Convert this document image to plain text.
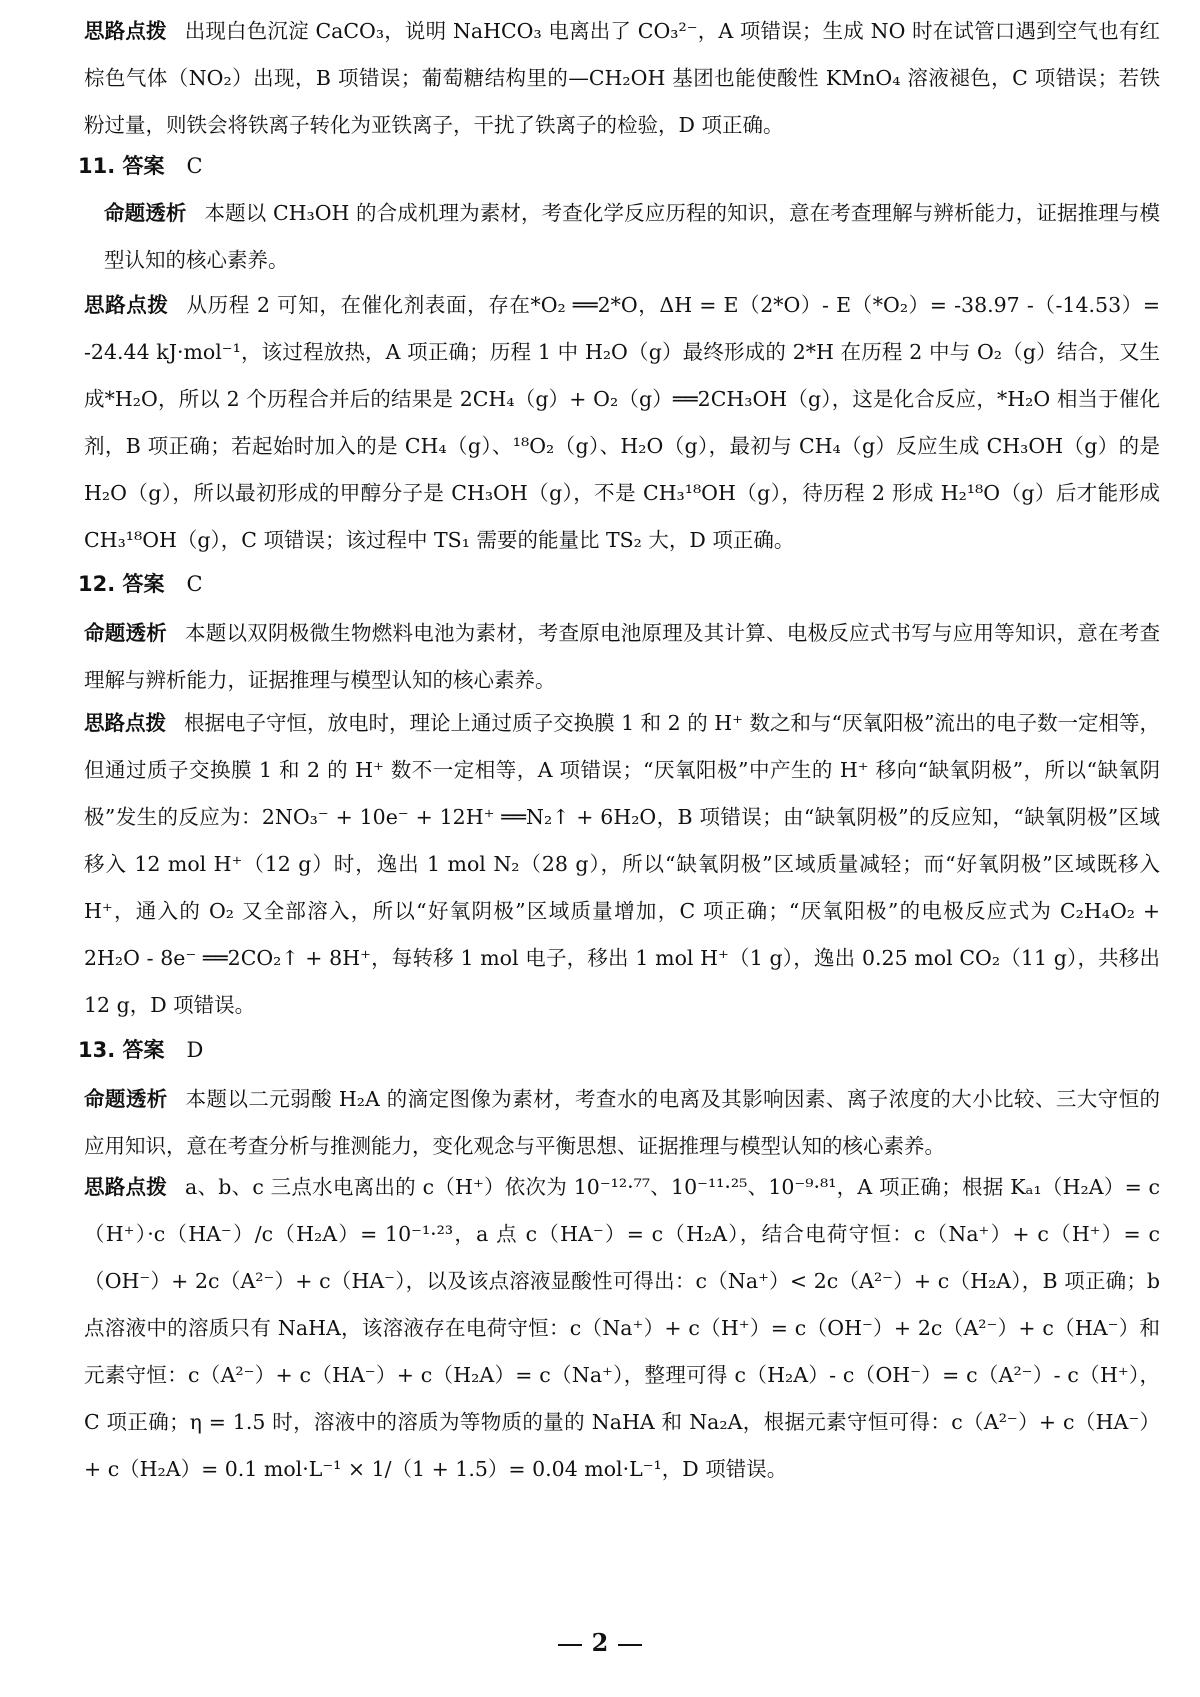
思路点拨 出现白色沉淀 CaCO₃，说明 NaHCO₃ 电离出了 CO₃²⁻，A 项错误；生成 NO 时在试管口遇到空气也有红棕色气体（NO₂）出现，B 项错误；葡萄糖结构里的—CH₂OH 基团也能使酸性 KMnO₄ 溶液褪色，C 项错误；若铁粉过量，则铁会将铁离子转化为亚铁离子，干扰了铁离子的检验，D 项正确。
11. 答案 C
命题透析 本题以 CH₃OH 的合成机理为素材，考查化学反应历程的知识，意在考查理解与辨析能力，证据推理与模型认知的核心素养。
思路点拨 从历程 2 可知，在催化剂表面，存在*O₂ ══2*O，ΔH = E（2*O）- E（*O₂）= -38.97 -（-14.53）= -24.44 kJ·mol⁻¹，该过程放热，A 项正确；历程 1 中 H₂O（g）最终形成的 2*H 在历程 2 中与 O₂（g）结合，又生成*H₂O，所以 2 个历程合并后的结果是 2CH₄（g）+ O₂（g）══2CH₃OH（g），这是化合反应，*H₂O 相当于催化剂，B 项正确；若起始时加入的是 CH₄（g）、¹⁸O₂（g）、H₂O（g），最初与 CH₄（g）反应生成 CH₃OH（g）的是 H₂O（g），所以最初形成的甲醇分子是 CH₃OH（g），不是 CH₃¹⁸OH（g），待历程 2 形成 H₂¹⁸O（g）后才能形成 CH₃¹⁸OH（g），C 项错误；该过程中 TS₁ 需要的能量比 TS₂ 大，D 项正确。
12. 答案 C
命题透析 本题以双阴极微生物燃料电池为素材，考查原电池原理及其计算、电极反应式书写与应用等知识，意在考查理解与辨析能力，证据推理与模型认知的核心素养。
思路点拨 根据电子守恒，放电时，理论上通过质子交换膜 1 和 2 的 H⁺ 数之和与“厌氧阳极”流出的电子数一定相等，但通过质子交换膜 1 和 2 的 H⁺ 数不一定相等，A 项错误；“厌氧阳极”中产生的 H⁺ 移向“缺氧阴极”，所以“缺氧阴极”发生的反应为：2NO₃⁻ + 10e⁻ + 12H⁺ ══N₂↑ + 6H₂O，B 项错误；由“缺氧阴极”的反应知，“缺氧阴极”区域移入 12 mol H⁺（12 g）时，逸出 1 mol N₂（28 g），所以“缺氧阴极”区域质量减轻；而“好氧阴极”区域既移入 H⁺，通入的 O₂ 又全部溶入，所以“好氧阴极”区域质量增加，C 项正确；“厌氧阳极”的电极反应式为 C₂H₄O₂ + 2H₂O - 8e⁻ ══2CO₂↑ + 8H⁺，每转移 1 mol 电子，移出 1 mol H⁺（1 g），逸出 0.25 mol CO₂（11 g），共移出12 g，D 项错误。
13. 答案 D
命题透析 本题以二元弱酸 H₂A 的滴定图像为素材，考查水的电离及其影响因素、离子浓度的大小比较、三大守恒的应用知识，意在考查分析与推测能力，变化观念与平衡思想、证据推理与模型认知的核心素养。
思路点拨 a、b、c 三点水电离出的 c（H⁺）依次为 10⁻¹²·⁷⁷、10⁻¹¹·²⁵、10⁻⁹·⁸¹，A 项正确；根据 Kₐ₁（H₂A）= c（H⁺）·c（HA⁻）/c（H₂A）= 10⁻¹·²³，a 点 c（HA⁻）= c（H₂A），结合电荷守恒：c（Na⁺）+ c（H⁺）= c（OH⁻）+ 2c（A²⁻）+ c（HA⁻），以及该点溶液显酸性可得出：c（Na⁺）< 2c（A²⁻）+ c（H₂A），B 项正确；b 点溶液中的溶质只有 NaHA，该溶液存在电荷守恒：c（Na⁺）+ c（H⁺）= c（OH⁻）+ 2c（A²⁻）+ c（HA⁻）和元素守恒：c（A²⁻）+ c（HA⁻）+ c（H₂A）= c（Na⁺），整理可得 c（H₂A）- c（OH⁻）= c（A²⁻）- c（H⁺），C 项正确；η = 1.5 时，溶液中的溶质为等物质的量的 NaHA 和 Na₂A，根据元素守恒可得：c（A²⁻）+ c（HA⁻）+ c（H₂A）= 0.1 mol·L⁻¹ × 1/（1 + 1.5）= 0.04 mol·L⁻¹，D 项错误。
2
